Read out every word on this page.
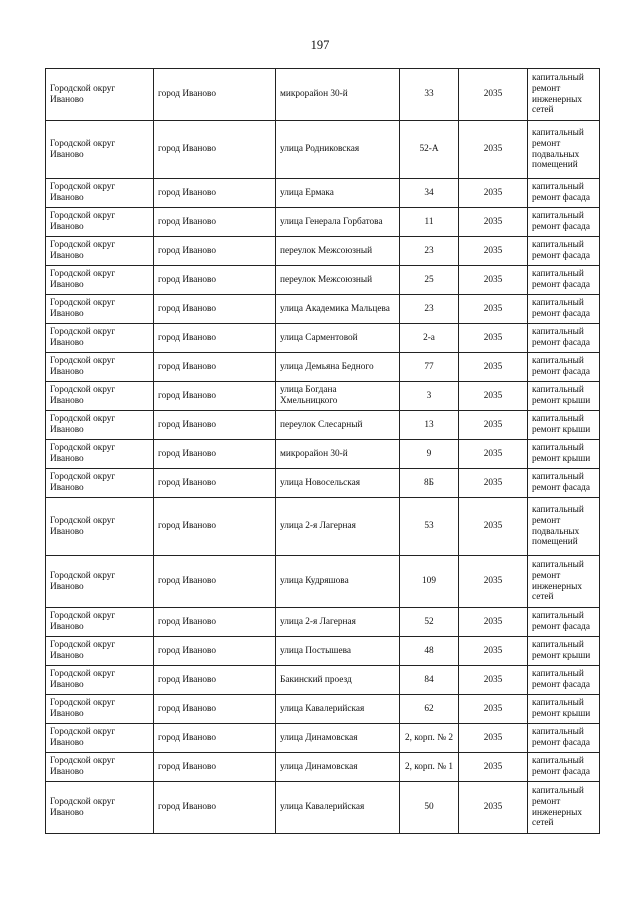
197
Городской округ Иваново	город Иваново	микрорайон 30-й	33	2035	капитальный ремонт инженерных сетей
Городской округ Иваново	город Иваново	улица Родниковская	52-А	2035	капитальный ремонт подвальных помещений
Городской округ Иваново	город Иваново	улица Ермака	34	2035	капитальный ремонт фасада
Городской округ Иваново	город Иваново	улица Генерала Горбатова	11	2035	капитальный ремонт фасада
Городской округ Иваново	город Иваново	переулок Межсоюзный	23	2035	капитальный ремонт фасада
Городской округ Иваново	город Иваново	переулок Межсоюзный	25	2035	капитальный ремонт фасада
Городской округ Иваново	город Иваново	улица Академика Мальцева	23	2035	капитальный ремонт фасада
Городской округ Иваново	город Иваново	улица Сарментовой	2-а	2035	капитальный ремонт фасада
Городской округ Иваново	город Иваново	улица Демьяна Бедного	77	2035	капитальный ремонт фасада
Городской округ Иваново	город Иваново	улица Богдана Хмельницкого	3	2035	капитальный ремонт крыши
Городской округ Иваново	город Иваново	переулок Слесарный	13	2035	капитальный ремонт крыши
Городской округ Иваново	город Иваново	микрорайон 30-й	9	2035	капитальный ремонт крыши
Городской округ Иваново	город Иваново	улица Новосельская	8Б	2035	капитальный ремонт фасада
Городской округ Иваново	город Иваново	улица 2-я Лагерная	53	2035	капитальный ремонт подвальных помещений
Городской округ Иваново	город Иваново	улица Кудряшова	109	2035	капитальный ремонт инженерных сетей
Городской округ Иваново	город Иваново	улица 2-я Лагерная	52	2035	капитальный ремонт фасада
Городской округ Иваново	город Иваново	улица Постышева	48	2035	капитальный ремонт крыши
Городской округ Иваново	город Иваново	Бакинский проезд	84	2035	капитальный ремонт фасада
Городской округ Иваново	город Иваново	улица Кавалерийская	62	2035	капитальный ремонт крыши
Городской округ Иваново	город Иваново	улица Динамовская	2, корп. № 2	2035	капитальный ремонт фасада
Городской округ Иваново	город Иваново	улица Динамовская	2, корп. № 1	2035	капитальный ремонт фасада
Городской округ Иваново	город Иваново	улица Кавалерийская	50	2035	капитальный ремонт инженерных сетей
